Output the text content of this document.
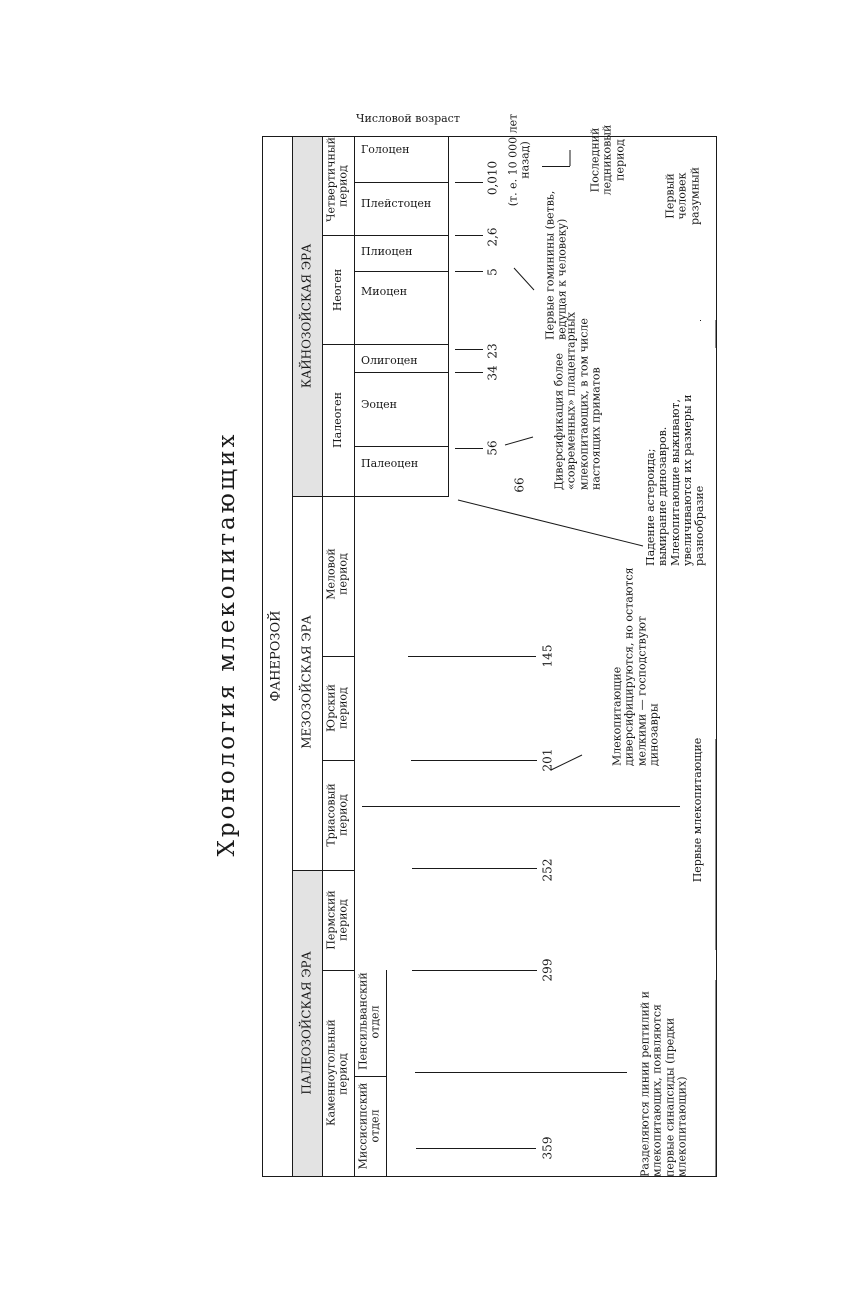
Хронология млекопитающих
Числовой возраст
ФАНЕРОЗОЙ
КАЙНОЗОЙСКАЯ ЭРА
МЕЗОЗОЙСКАЯ ЭРА
ПАЛЕОЗОЙСКАЯ ЭРА
Четвертичный период
Неоген
Палеоген
Меловой период
Юрский период
Триасовый период
Пермский период
Каменноугольный период
Пенсильванский отдел
Миссисипский отдел
Голоцен
Плейстоцен
Плиоцен
Миоцен
Олигоцен
Эоцен
Палеоцен
0,010 (т. е. 10 000 лет назад)
2,6
5
23
34
56
66
145
201
252
299
359
Последний ледниковый период
Первый человек разумный
Первые гоминины (ветвь, ведущая к человеку)
Диверсификация более «современных» плацентарных млекопитающих, в том числе настоящих приматов
Падение астероида; вымирание динозавров. Млекопитающие выживают, увеличиваются их размеры и разнообразие
Млекопитающие диверсифицируются, но остаются мелкими — господствуют динозавры
Первые млекопитающие
Разделяются линии рептилий и млекопитающих, появляются первые синапсиды (предки млекопитающих)
